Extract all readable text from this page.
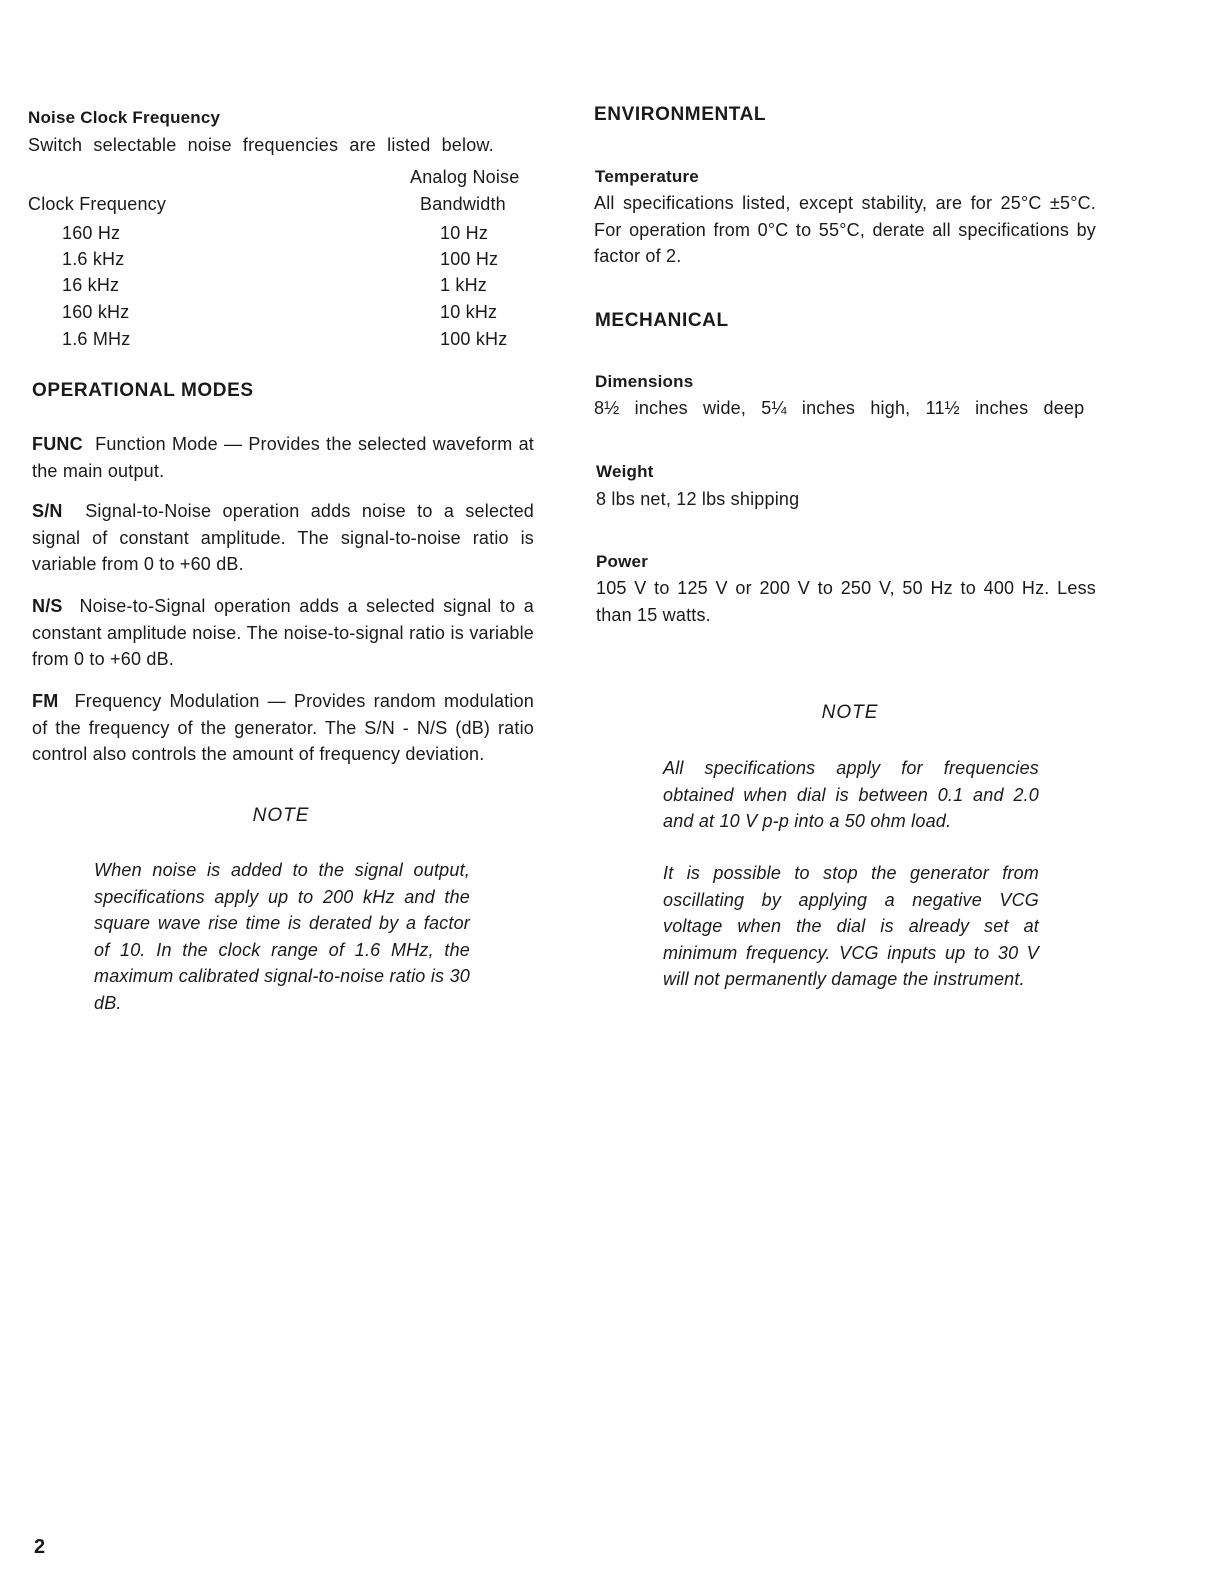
Noise Clock Frequency
Switch selectable noise frequencies are listed below.
Clock Frequency
Analog Noise
Bandwidth
160 Hz	10 Hz
1.6 kHz	100 Hz
16 kHz	1 kHz
160 kHz	10 kHz
1.6 MHz	100 kHz
OPERATIONAL MODES
FUNC Function Mode — Provides the selected waveform at the main output.
S/N Signal-to-Noise operation adds noise to a selected signal of constant amplitude. The signal-to-noise ratio is variable from 0 to +60 dB.
N/S Noise-to-Signal operation adds a selected signal to a constant amplitude noise. The noise-to-signal ratio is variable from 0 to +60 dB.
FM Frequency Modulation — Provides random modulation of the frequency of the generator. The S/N - N/S (dB) ratio control also controls the amount of frequency deviation.
NOTE
When noise is added to the signal output, specifications apply up to 200 kHz and the square wave rise time is derated by a factor of 10. In the clock range of 1.6 MHz, the maximum calibrated signal-to-noise ratio is 30 dB.
ENVIRONMENTAL
Temperature
All specifications listed, except stability, are for 25°C ±5°C. For operation from 0°C to 55°C, derate all specifications by factor of 2.
MECHANICAL
Dimensions
8½ inches wide, 5¼ inches high, 11½ inches deep
Weight
8 lbs net, 12 lbs shipping
Power
105 V to 125 V or 200 V to 250 V, 50 Hz to 400 Hz. Less than 15 watts.
NOTE
All specifications apply for frequencies obtained when dial is between 0.1 and 2.0 and at 10 V p-p into a 50 ohm load.
It is possible to stop the generator from oscillating by applying a negative VCG voltage when the dial is already set at minimum frequency. VCG inputs up to 30 V will not permanently damage the instrument.
2
